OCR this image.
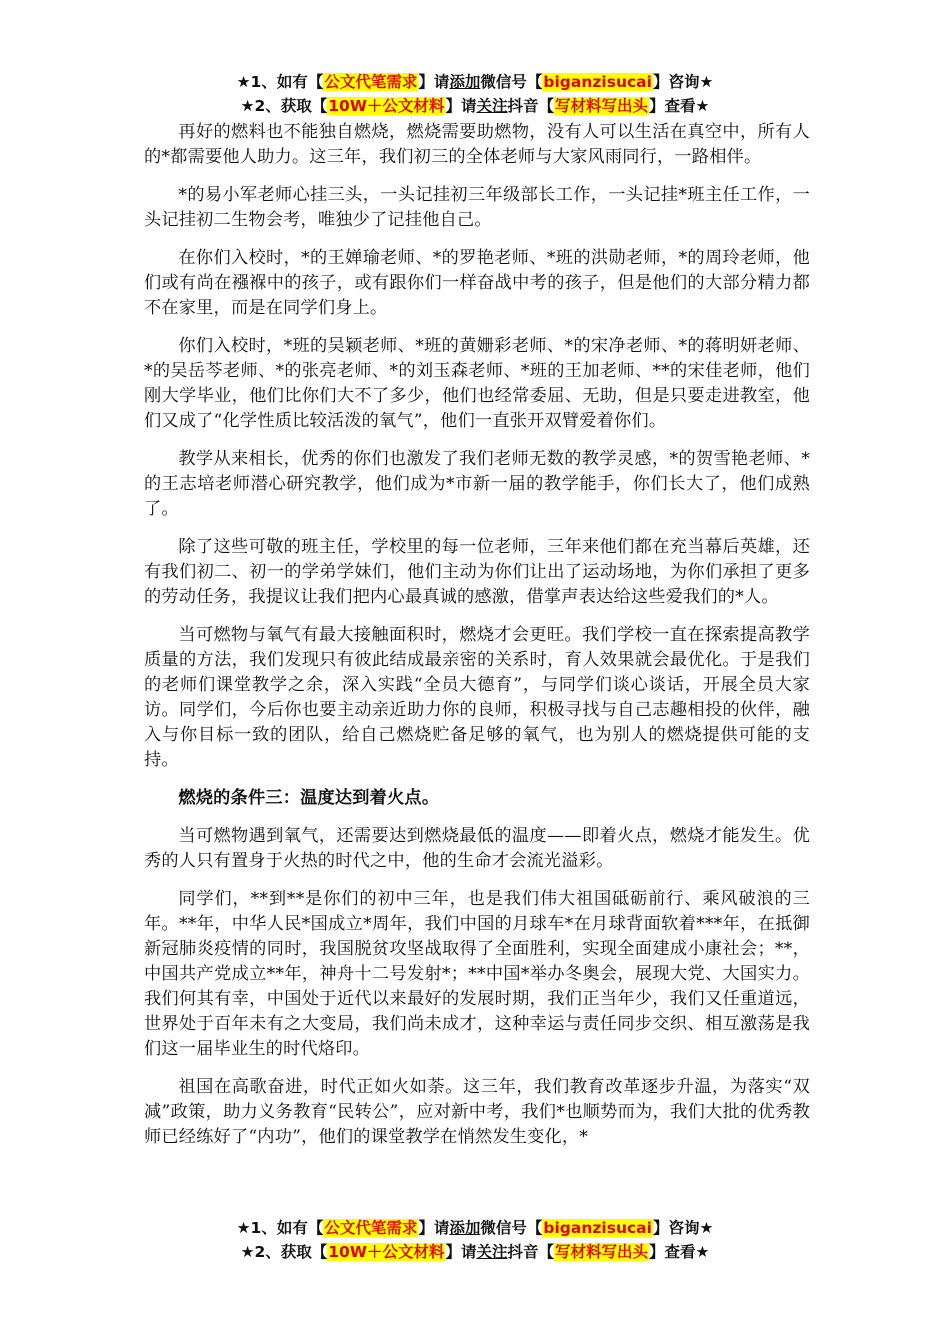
★1、如有【公文代笔需求】请添加微信号【biganzisucai】咨询★
★2、获取【10W＋公文材料】请关注抖音【写材料写出头】查看★

再好的燃料也不能独自燃烧，燃烧需要助燃物，没有人可以生活在真空中，所有人的*都需要他人助力。这三年，我们初三的全体老师与大家风雨同行，一路相伴。

*的易小军老师心挂三头，一头记挂初三年级部长工作，一头记挂*班主任工作，一头记挂初二生物会考，唯独少了记挂他自己。

在你们入校时，*的王婵瑜老师、*的罗艳老师、*班的洪勋老师，*的周玲老师，他们或有尚在襁褓中的孩子，或有跟你们一样奋战中考的孩子，但是他们的大部分精力都不在家里，而是在同学们身上。

你们入校时，*班的吴颖老师、*班的黄姗彩老师、*的宋净老师、*的蒋明妍老师、*的吴岳芩老师、*的张亮老师、*的刘玉森老师、*班的王加老师、**的宋佳老师，他们刚大学毕业，他们比你们大不了多少，他们也经常委屈、无助，但是只要走进教室，他们又成了“化学性质比较活泼的氧气”，他们一直张开双臂爱着你们。

教学从来相长，优秀的你们也激发了我们老师无数的教学灵感，*的贺雪艳老师、*的王志培老师潜心研究教学，他们成为*市新一届的教学能手，你们长大了，他们成熟了。

除了这些可敬的班主任，学校里的每一位老师，三年来他们都在充当幕后英雄，还有我们初二、初一的学弟学妹们，他们主动为你们让出了运动场地，为你们承担了更多的劳动任务，我提议让我们把内心最真诚的感激，借掌声表达给这些爱我们的*人。

当可燃物与氧气有最大接触面积时，燃烧才会更旺。我们学校一直在探索提高教学质量的方法，我们发现只有彼此结成最亲密的关系时，育人效果就会最优化。于是我们的老师们课堂教学之余，深入实践“全员大德育”，与同学们谈心谈话，开展全员大家访。同学们，今后你也要主动亲近助力你的良师，积极寻找与自己志趣相投的伙伴，融入与你目标一致的团队，给自己燃烧贮备足够的氧气，也为别人的燃烧提供可能的支持。

燃烧的条件三：温度达到着火点。

当可燃物遇到氧气，还需要达到燃烧最低的温度——即着火点，燃烧才能发生。优秀的人只有置身于火热的时代之中，他的生命才会流光溢彩。

同学们，**到**是你们的初中三年，也是我们伟大祖国砥砺前行、乘风破浪的三年。**年，中华人民*国成立*周年，我们中国的月球车*在月球背面软着***年，在抵御新冠肺炎疫情的同时，我国脱贫攻坚战取得了全面胜利，实现全面建成小康社会；**，中国共产党成立**年，神舟十二号发射*；**中国*举办冬奥会，展现大党、大国实力。我们何其有幸，中国处于近代以来最好的发展时期，我们正当年少，我们又任重道远，世界处于百年未有之大变局，我们尚未成才，这种幸运与责任同步交织、相互激荡是我们这一届毕业生的时代烙印。

祖国在高歌奋进，时代正如火如荼。这三年，我们教育改革逐步升温，为落实“双减”政策，助力义务教育“民转公”，应对新中考，我们*也顺势而为，我们大批的优秀教师已经练好了“内功”，他们的课堂教学在悄然发生变化，*

★1、如有【公文代笔需求】请添加微信号【biganzisucai】咨询★
★2、获取【10W＋公文材料】请关注抖音【写材料写出头】查看★
